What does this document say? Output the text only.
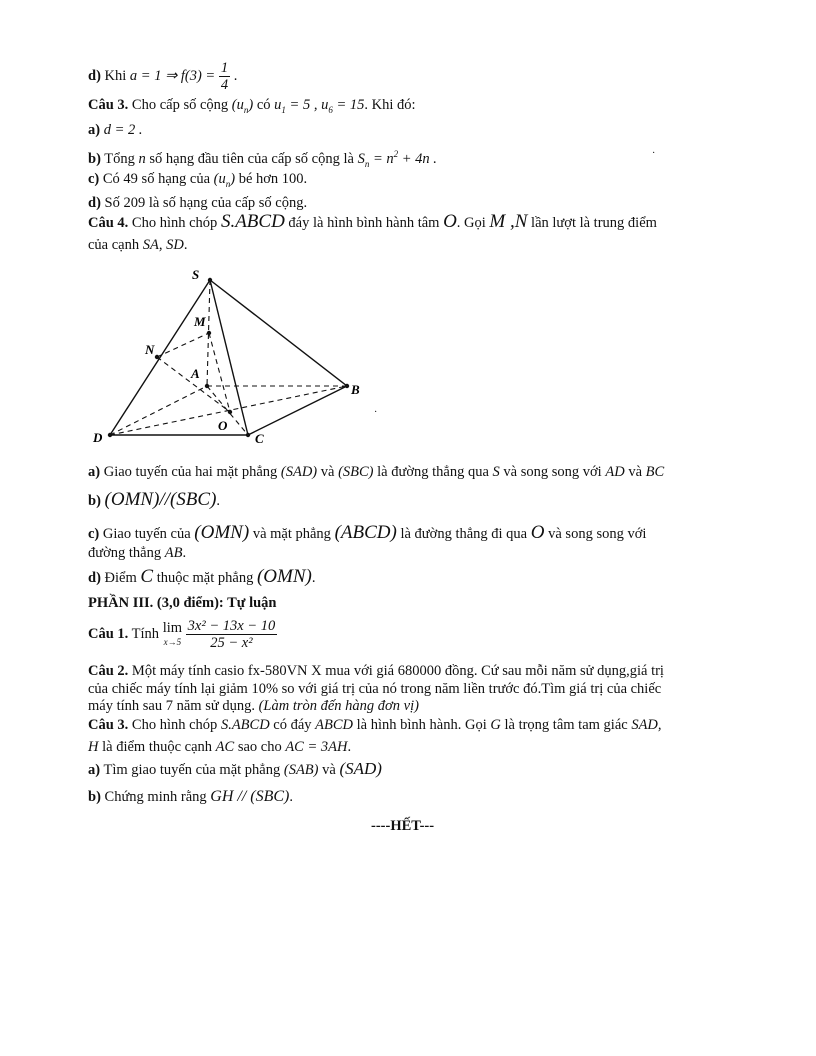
d) Khi a = 1 ⇒ $f(3) = \frac{1}{4}$ .
Câu 3. Cho cấp số cộng $(u_n)$ có $u_1 = 5$ , $u_6 = 15$. Khi đó:
a) d = 2 .
b) Tổng n số hạng đầu tiên của cấp số cộng là $S_n = n^2 + 4n$ .
c) Có 49 số hạng của $(u_n)$ bé hơn 100.
d) Số 209 là số hạng của cấp số cộng.
Câu 4. Cho hình chóp S.ABCD đáy là hình bình hành tâm O. Gọi M ,N lần lượt là trung điểm
của cạnh SA, SD.
S
M
N
A
B
O
D	C
a) Giao tuyến của hai mặt phẳng (SAD) và (SBC) là đường thẳng qua S và song song với AD và BC
b) (OMN)//(SBC).
c) Giao tuyến của (OMN) và mặt phẳng (ABCD) là đường thẳng đi qua O và song song với
đường thẳng AB.
d) Điểm C thuộc mặt phẳng (OMN).
PHẦN III. (3,0 điểm): Tự luận
Câu 1. Tính lim
x→5
$\frac{\text{3x² − 13x − 10}}{\text{25 − x²}}$
Câu 2. Một máy tính casio fx-580VN X mua với giá 680000 đồng. Cứ sau mỗi năm sử dụng,giá trị
của chiếc máy tính lại giảm 10% so với giá trị của nó trong năm liền trước đó.Tìm giá trị của chiếc
máy tính sau 7 năm sử dụng. (Làm tròn đến hàng đơn vị)
Câu 3. Cho hình chóp S.ABCD có đáy ABCD là hình bình hành. Gọi G là trọng tâm tam giác SAD,
H là điểm thuộc cạnh AC sao cho AC = 3AH.
a) Tìm giao tuyến của mặt phẳng (SAB) và (SAD)
b) Chứng minh rằng GH // (SBC).
----HẾT---
·
·
